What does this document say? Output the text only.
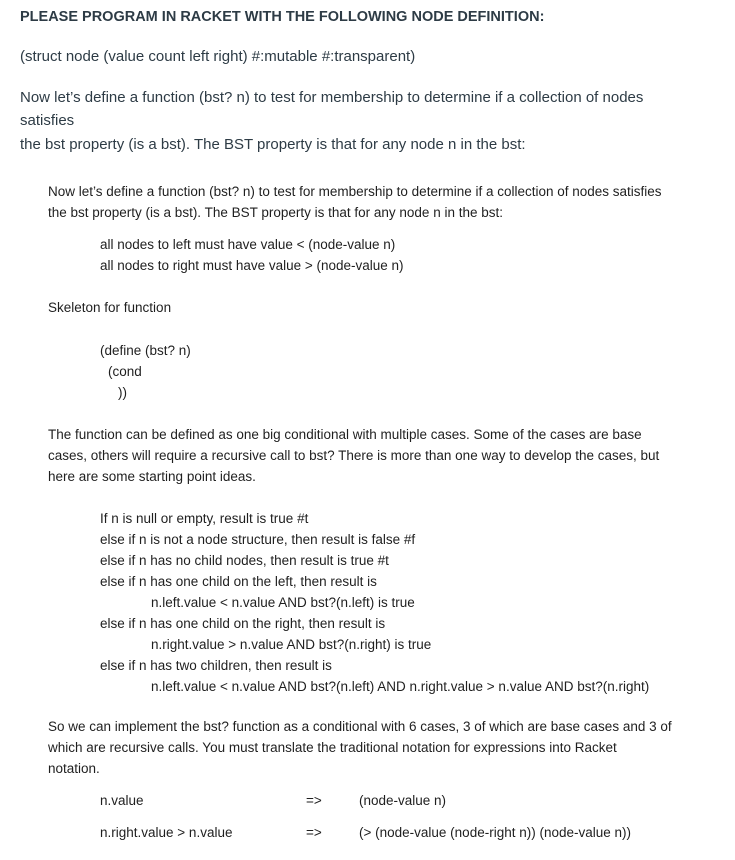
PLEASE PROGRAM IN RACKET WITH THE FOLLOWING NODE DEFINITION:
(struct node (value count left right) #:mutable #:transparent)
Now let’s define a function (bst? n) to test for membership to determine if a collection of nodes
satisfies
the bst property (is a bst). The BST property is that for any node n in the bst:
Now let’s define a function (bst? n) to test for membership to determine if a collection of nodes satisfies
the bst property (is a bst). The BST property is that for any node n in the bst:
all nodes to left must have value < (node-value n)
all nodes to right must have value > (node-value n)
Skeleton for function
(define (bst? n)
(cond
))
The function can be defined as one big conditional with multiple cases. Some of the cases are base
cases, others will require a recursive call to bst? There is more than one way to develop the cases, but
here are some starting point ideas.
If n is null or empty, result is true #t
else if n is not a node structure, then result is false #f
else if n has no child nodes, then result is true #t
else if n has one child on the left, then result is
n.left.value < n.value AND bst?(n.left) is true
else if n has one child on the right, then result is
n.right.value > n.value AND bst?(n.right) is true
else if n has two children, then result is
n.left.value < n.value AND bst?(n.left) AND n.right.value > n.value AND bst?(n.right)
So we can implement the bst? function as a conditional with 6 cases, 3 of which are base cases and 3 of
which are recursive calls. You must translate the traditional notation for expressions into Racket
notation.
n.value	=>	(node-value n)
n.right.value > n.value	=>	(> (node-value (node-right n)) (node-value n))
